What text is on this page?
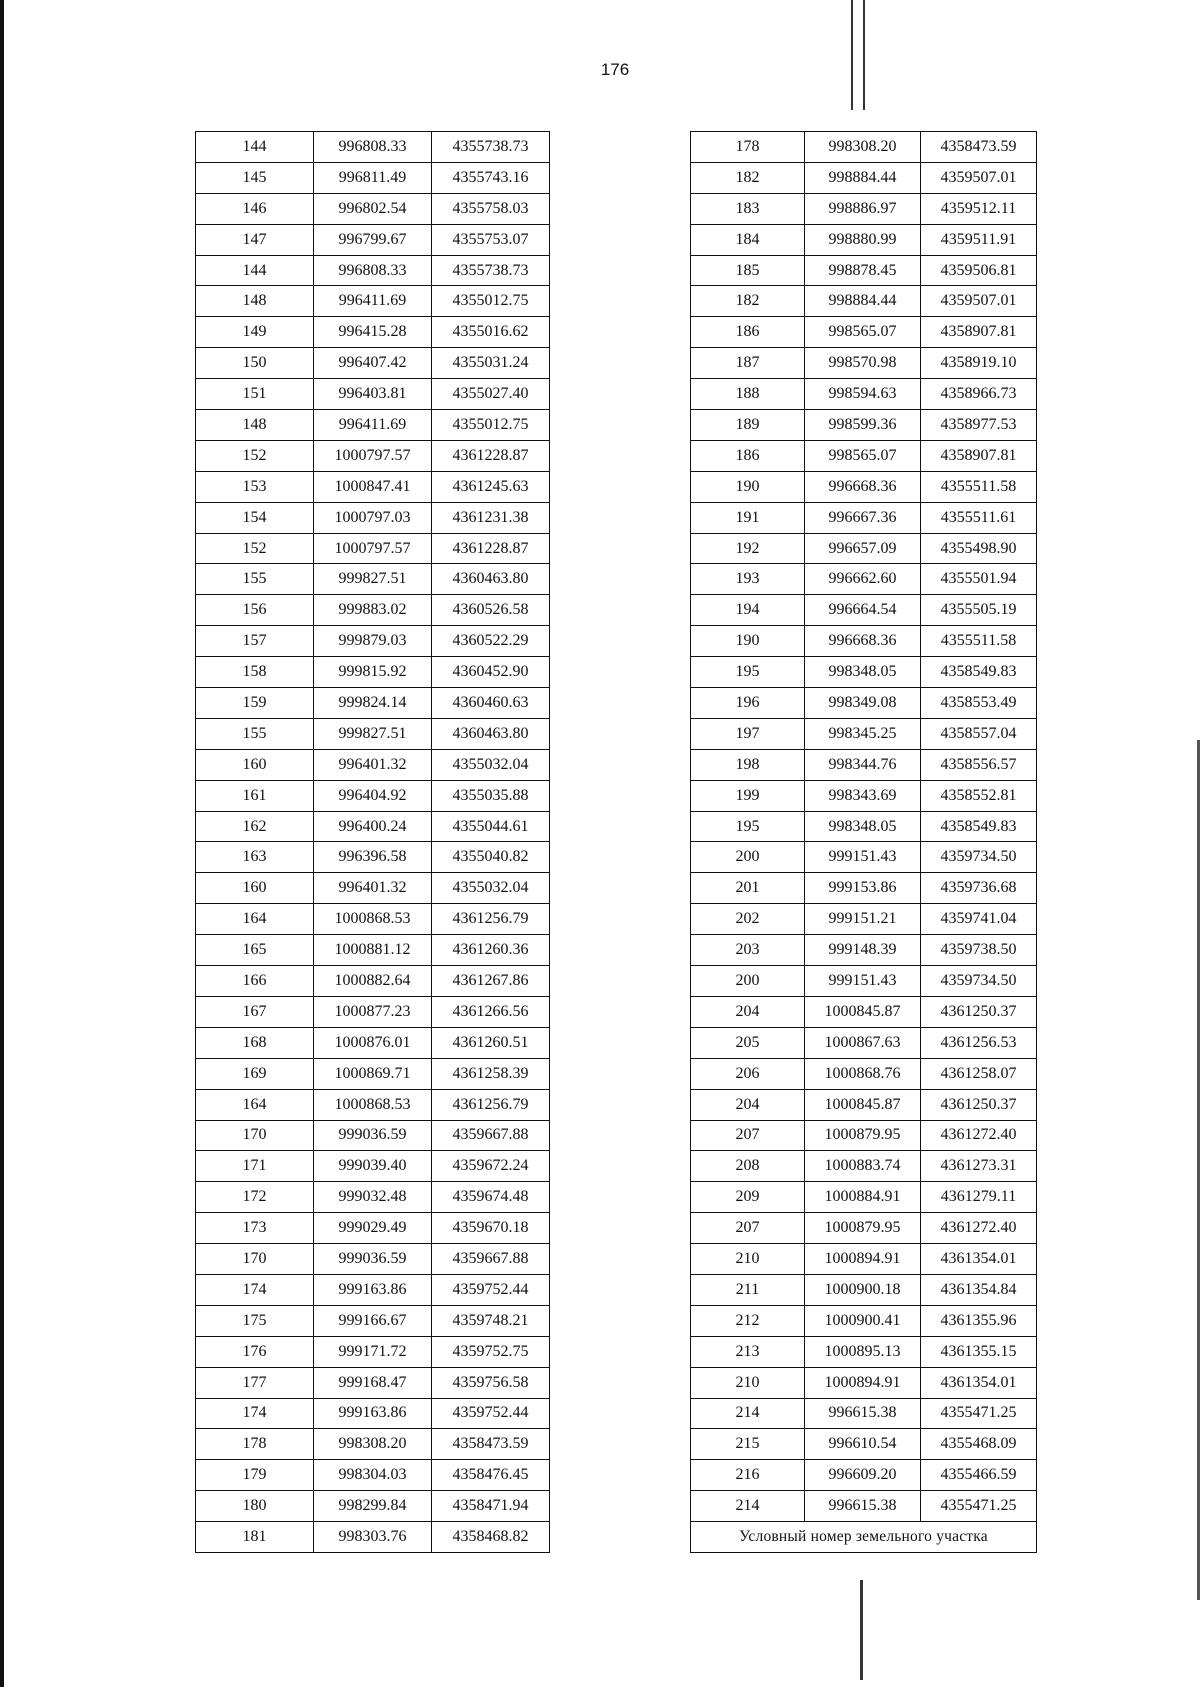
176
144	996808.33	4355738.73
145	996811.49	4355743.16
146	996802.54	4355758.03
147	996799.67	4355753.07
144	996808.33	4355738.73
148	996411.69	4355012.75
149	996415.28	4355016.62
150	996407.42	4355031.24
151	996403.81	4355027.40
148	996411.69	4355012.75
152	1000797.57	4361228.87
153	1000847.41	4361245.63
154	1000797.03	4361231.38
152	1000797.57	4361228.87
155	999827.51	4360463.80
156	999883.02	4360526.58
157	999879.03	4360522.29
158	999815.92	4360452.90
159	999824.14	4360460.63
155	999827.51	4360463.80
160	996401.32	4355032.04
161	996404.92	4355035.88
162	996400.24	4355044.61
163	996396.58	4355040.82
160	996401.32	4355032.04
164	1000868.53	4361256.79
165	1000881.12	4361260.36
166	1000882.64	4361267.86
167	1000877.23	4361266.56
168	1000876.01	4361260.51
169	1000869.71	4361258.39
164	1000868.53	4361256.79
170	999036.59	4359667.88
171	999039.40	4359672.24
172	999032.48	4359674.48
173	999029.49	4359670.18
170	999036.59	4359667.88
174	999163.86	4359752.44
175	999166.67	4359748.21
176	999171.72	4359752.75
177	999168.47	4359756.58
174	999163.86	4359752.44
178	998308.20	4358473.59
179	998304.03	4358476.45
180	998299.84	4358471.94
181	998303.76	4358468.82
178	998308.20	4358473.59
182	998884.44	4359507.01
183	998886.97	4359512.11
184	998880.99	4359511.91
185	998878.45	4359506.81
182	998884.44	4359507.01
186	998565.07	4358907.81
187	998570.98	4358919.10
188	998594.63	4358966.73
189	998599.36	4358977.53
186	998565.07	4358907.81
190	996668.36	4355511.58
191	996667.36	4355511.61
192	996657.09	4355498.90
193	996662.60	4355501.94
194	996664.54	4355505.19
190	996668.36	4355511.58
195	998348.05	4358549.83
196	998349.08	4358553.49
197	998345.25	4358557.04
198	998344.76	4358556.57
199	998343.69	4358552.81
195	998348.05	4358549.83
200	999151.43	4359734.50
201	999153.86	4359736.68
202	999151.21	4359741.04
203	999148.39	4359738.50
200	999151.43	4359734.50
204	1000845.87	4361250.37
205	1000867.63	4361256.53
206	1000868.76	4361258.07
204	1000845.87	4361250.37
207	1000879.95	4361272.40
208	1000883.74	4361273.31
209	1000884.91	4361279.11
207	1000879.95	4361272.40
210	1000894.91	4361354.01
211	1000900.18	4361354.84
212	1000900.41	4361355.96
213	1000895.13	4361355.15
210	1000894.91	4361354.01
214	996615.38	4355471.25
215	996610.54	4355468.09
216	996609.20	4355466.59
214	996615.38	4355471.25
Условный номер земельного участка		
